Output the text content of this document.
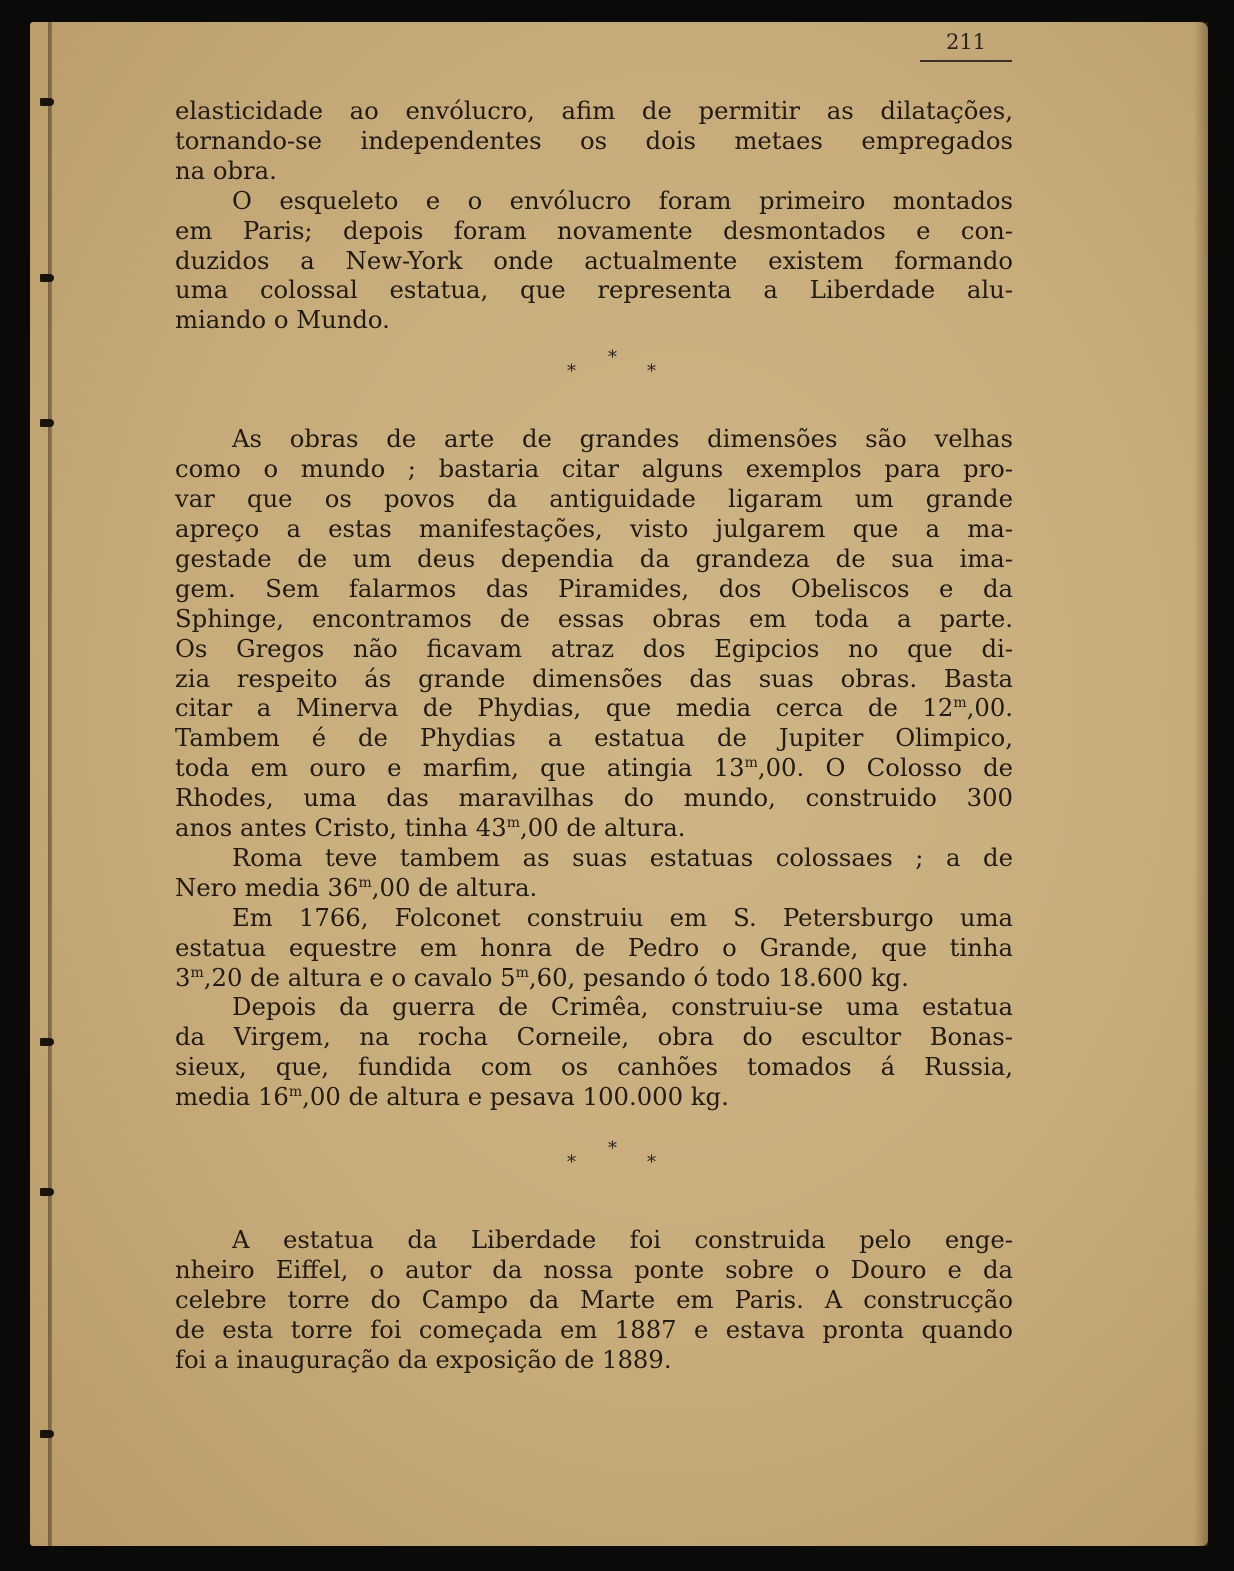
211
elasticidade ao envólucro, afim de permitir as dilatações,
tornando-se independentes os dois metaes empregados
na obra.
O esqueleto e o envólucro foram primeiro montados
em Paris; depois foram novamente desmontados e con-
duzidos a New-York onde actualmente existem formando
uma colossal estatua, que representa a Liberdade alu-
miando o Mundo.
*
*	*
As obras de arte de grandes dimensões são velhas
como o mundo ; bastaria citar alguns exemplos para pro-
var que os povos da antiguidade ligaram um grande
apreço a estas manifestações, visto julgarem que a ma-
gestade de um deus dependia da grandeza de sua ima-
gem. Sem falarmos das Piramides, dos Obeliscos e da
Sphinge, encontramos de essas obras em toda a parte.
Os Gregos não ficavam atraz dos Egipcios no que di-
zia respeito ás grande dimensões das suas obras. Basta
citar a Minerva de Phydias, que media cerca de 12$^m$,00.
Tambem é de Phydias a estatua de Jupiter Olimpico,
toda em ouro e marfim, que atingia 13$^m$,00. O Colosso de
Rhodes, uma das maravilhas do mundo, construido 300
anos antes Cristo, tinha 43$^m$,00 de altura.
Roma teve tambem as suas estatuas colossaes ; a de
Nero media 36$^m$,00 de altura.
Em 1766, Folconet construiu em S. Petersburgo uma
estatua equestre em honra de Pedro o Grande, que tinha
3$^m$,20 de altura e o cavalo 5$^m$,60, pesando ó todo 18.600 kg.
Depois da guerra de Crimêa, construiu-se uma estatua
da Virgem, na rocha Corneile, obra do escultor Bonas-
sieux, que, fundida com os canhões tomados á Russia,
media 16$^m$,00 de altura e pesava 100.000 kg.
*
*	*
A estatua da Liberdade foi construida pelo enge-
nheiro Eiffel, o autor da nossa ponte sobre o Douro e da
celebre torre do Campo da Marte em Paris. A construcção
de esta torre foi começada em 1887 e estava pronta quando
foi a inauguração da exposição de 1889.
